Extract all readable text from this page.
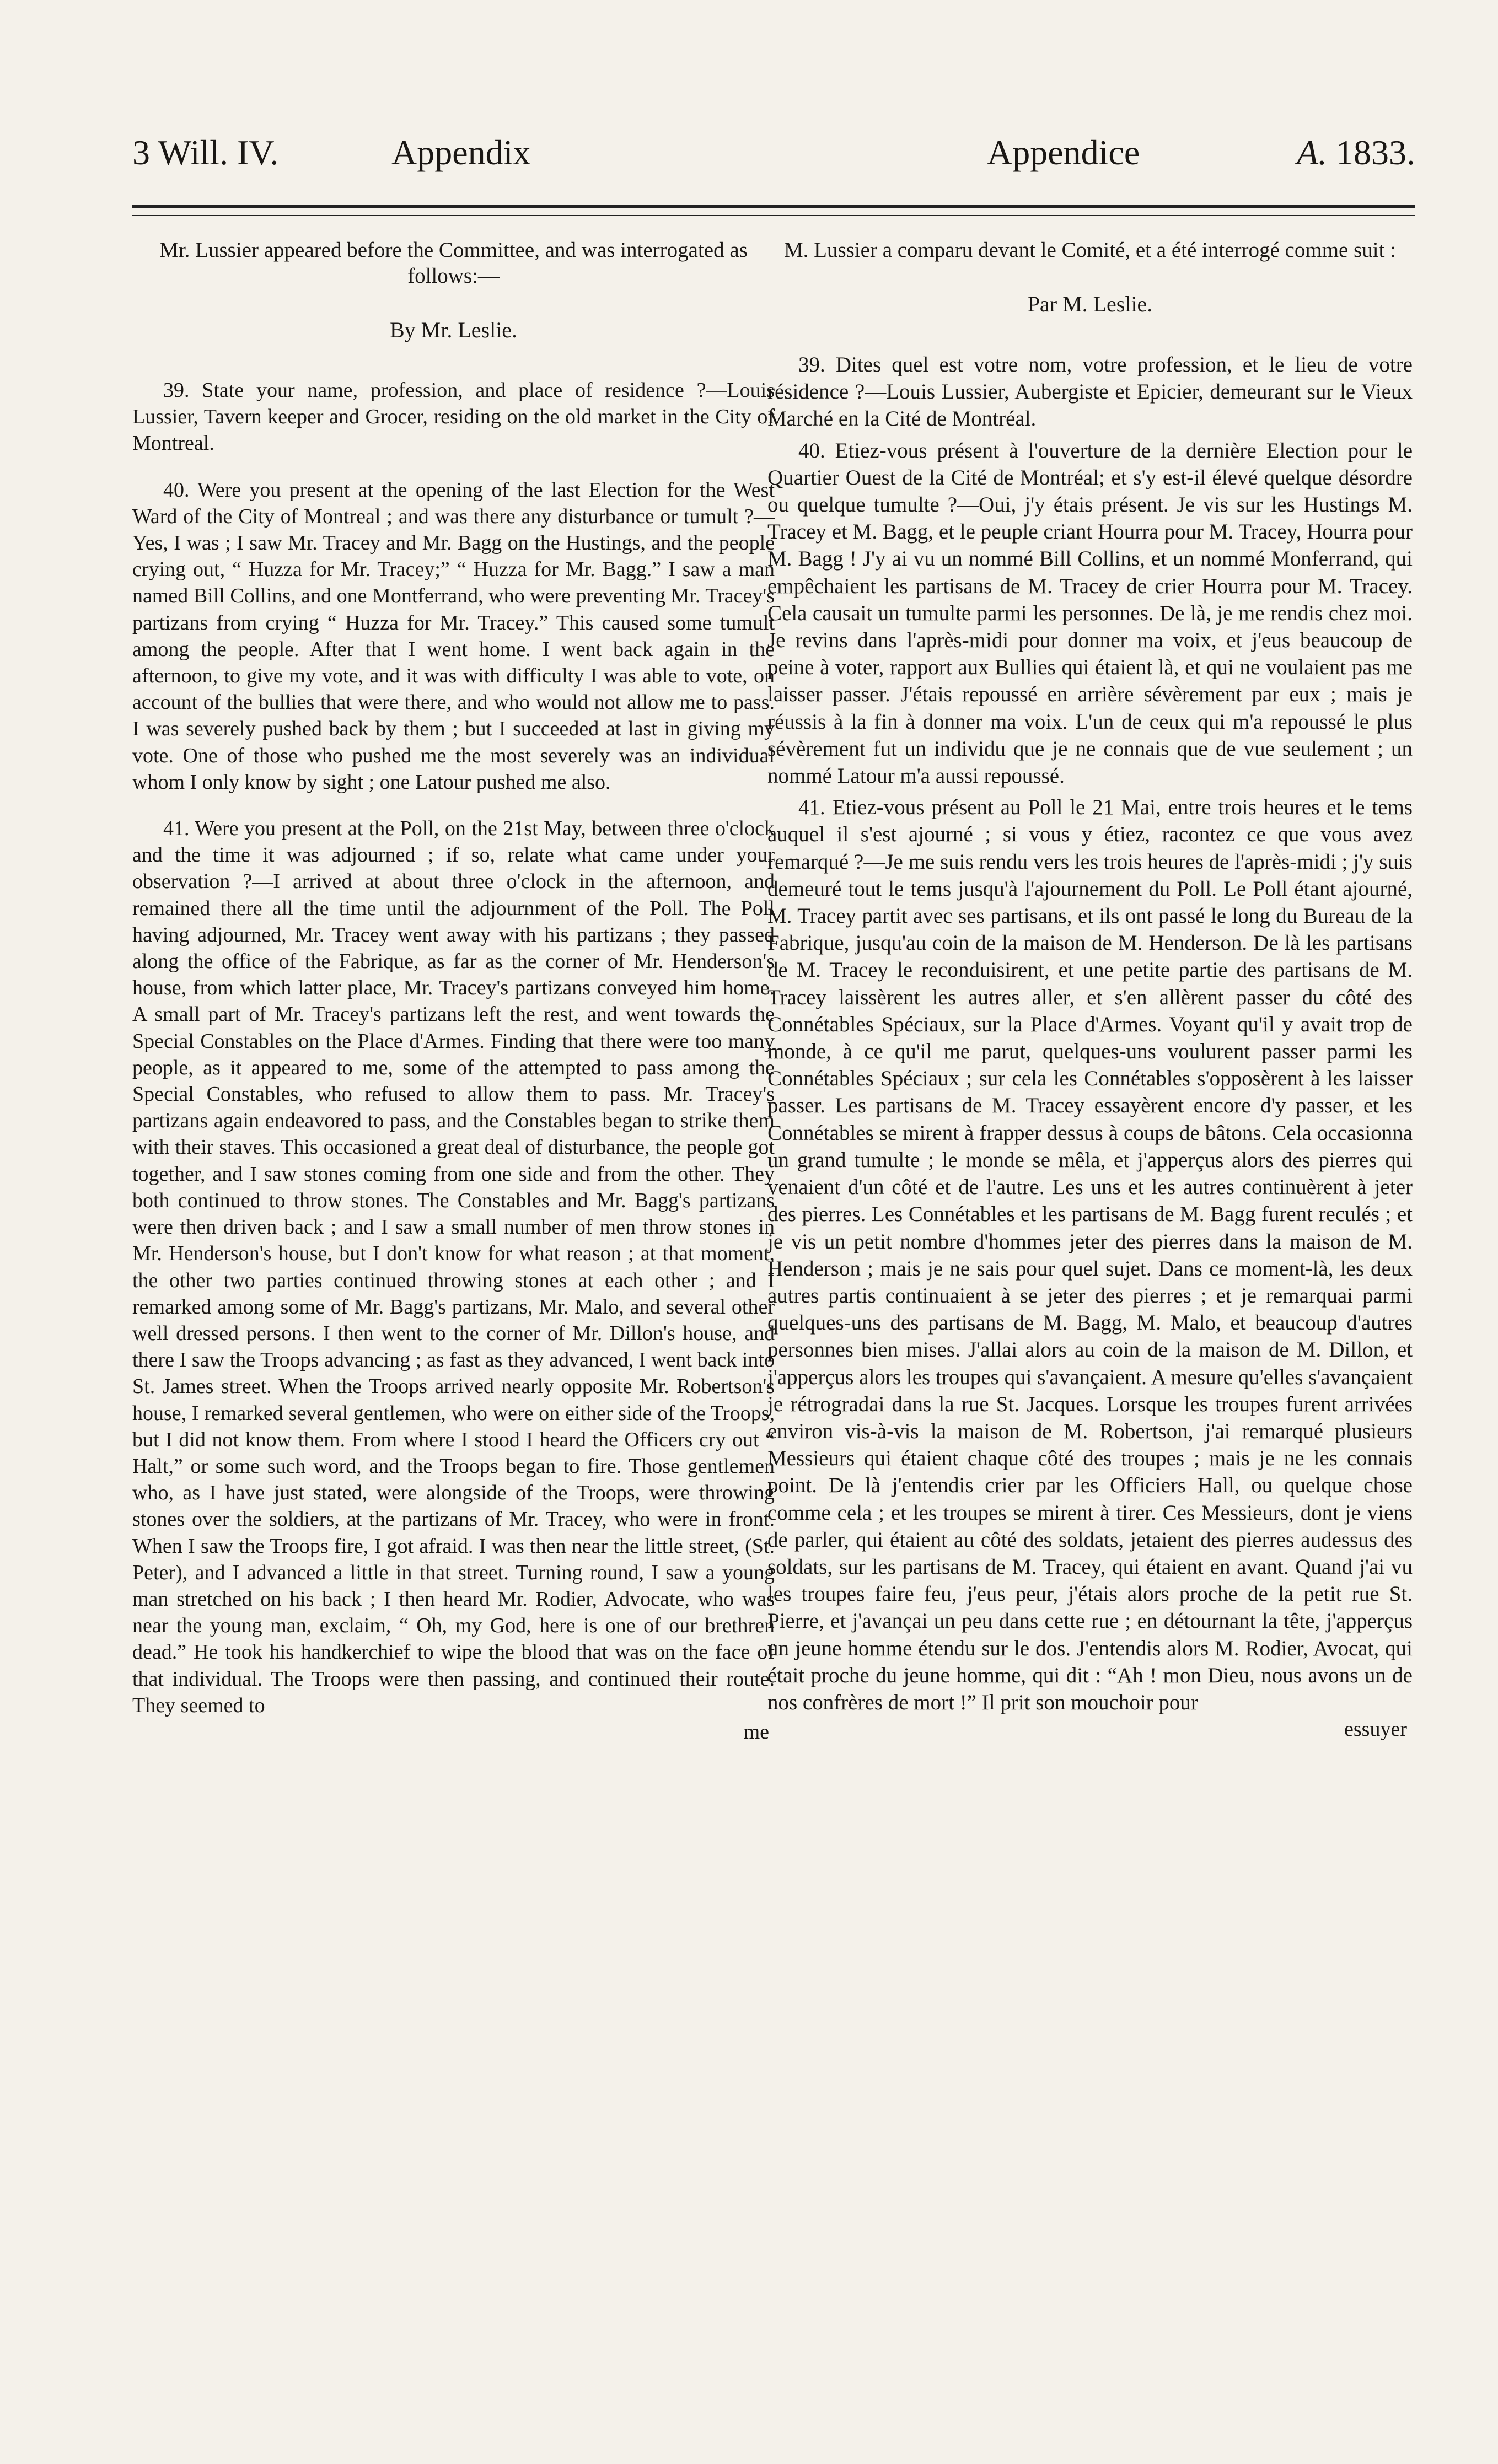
3 Will. IV.	Appendix	Appendice	A. 1833.

Mr. Lussier appeared before the Committee, and was interrogated as follows:—

By Mr. Leslie.

39. State your name, profession, and place of residence ?—Louis Lussier, Tavern keeper and Grocer, residing on the old market in the City of Montreal.

40. Were you present at the opening of the last Election for the West Ward of the City of Montreal ; and was there any disturbance or tumult ?—Yes, I was ; I saw Mr. Tracey and Mr. Bagg on the Hustings, and the people crying out, “ Huzza for Mr. Tracey;” “ Huzza for Mr. Bagg.” I saw a man named Bill Collins, and one Montferrand, who were preventing Mr. Tracey's partizans from crying “ Huzza for Mr. Tracey.” This caused some tumult among the people. After that I went home. I went back again in the afternoon, to give my vote, and it was with difficulty I was able to vote, on account of the bullies that were there, and who would not allow me to pass. I was severely pushed back by them ; but I succeeded at last in giving my vote. One of those who pushed me the most severely was an individual whom I only know by sight ; one Latour pushed me also.

41. Were you present at the Poll, on the 21st May, between three o'clock and the time it was adjourned ; if so, relate what came under your observation ?—I arrived at about three o'clock in the afternoon, and remained there all the time until the adjournment of the Poll. The Poll having adjourned, Mr. Tracey went away with his partizans ; they passed along the office of the Fabrique, as far as the corner of Mr. Henderson's house, from which latter place, Mr. Tracey's partizans conveyed him home. A small part of Mr. Tracey's partizans left the rest, and went towards the Special Constables on the Place d'Armes. Finding that there were too many people, as it appeared to me, some of the attempted to pass among the Special Constables, who refused to allow them to pass. Mr. Tracey's partizans again endeavored to pass, and the Constables began to strike them with their staves. This occasioned a great deal of disturbance, the people got together, and I saw stones coming from one side and from the other. They both continued to throw stones. The Constables and Mr. Bagg's partizans were then driven back ; and I saw a small number of men throw stones in Mr. Henderson's house, but I don't know for what reason ; at that moment, the other two parties continued throwing stones at each other ; and I remarked among some of Mr. Bagg's partizans, Mr. Malo, and several other well dressed persons. I then went to the corner of Mr. Dillon's house, and there I saw the Troops advancing ; as fast as they advanced, I went back into St. James street. When the Troops arrived nearly opposite Mr. Robertson's house, I remarked several gentlemen, who were on either side of the Troops, but I did not know them. From where I stood I heard the Officers cry out “ Halt,” or some such word, and the Troops began to fire. Those gentlemen who, as I have just stated, were alongside of the Troops, were throwing stones over the soldiers, at the partizans of Mr. Tracey, who were in front. When I saw the Troops fire, I got afraid. I was then near the little street, (St. Peter), and I advanced a little in that street. Turning round, I saw a young man stretched on his back ; I then heard Mr. Rodier, Advocate, who was near the young man, exclaim, “ Oh, my God, here is one of our brethren dead.” He took his handkerchief to wipe the blood that was on the face of that individual. The Troops were then passing, and continued their route. They seemed to

me

M. Lussier a comparu devant le Comité, et a été interrogé comme suit :

Par M. Leslie.

39. Dites quel est votre nom, votre profession, et le lieu de votre résidence ?—Louis Lussier, Aubergiste et Epicier, demeurant sur le Vieux Marché en la Cité de Montréal.

40. Etiez-vous présent à l'ouverture de la dernière Election pour le Quartier Ouest de la Cité de Montréal; et s'y est-il élevé quelque désordre ou quelque tumulte ?—Oui, j'y étais présent. Je vis sur les Hustings M. Tracey et M. Bagg, et le peuple criant Hourra pour M. Tracey, Hourra pour M. Bagg ! J'y ai vu un nommé Bill Collins, et un nommé Monferrand, qui empêchaient les partisans de M. Tracey de crier Hourra pour M. Tracey. Cela causait un tumulte parmi les personnes. De là, je me rendis chez moi. Je revins dans l'après-midi pour donner ma voix, et j'eus beaucoup de peine à voter, rapport aux Bullies qui étaient là, et qui ne voulaient pas me laisser passer. J'étais repoussé en arrière sévèrement par eux ; mais je réussis à la fin à donner ma voix. L'un de ceux qui m'a repoussé le plus sévèrement fut un individu que je ne connais que de vue seulement ; un nommé Latour m'a aussi repoussé.

41. Etiez-vous présent au Poll le 21 Mai, entre trois heures et le tems auquel il s'est ajourné ; si vous y étiez, racontez ce que vous avez remarqué ?—Je me suis rendu vers les trois heures de l'après-midi ; j'y suis demeuré tout le tems jusqu'à l'ajournement du Poll. Le Poll étant ajourné, M. Tracey partit avec ses partisans, et ils ont passé le long du Bureau de la Fabrique, jusqu'au coin de la maison de M. Henderson. De là les partisans de M. Tracey le reconduisirent, et une petite partie des partisans de M. Tracey laissèrent les autres aller, et s'en allèrent passer du côté des Connétables Spéciaux, sur la Place d'Armes. Voyant qu'il y avait trop de monde, à ce qu'il me parut, quelques-uns voulurent passer parmi les Connétables Spéciaux ; sur cela les Connétables s'opposèrent à les laisser passer. Les partisans de M. Tracey essayèrent encore d'y passer, et les Connétables se mirent à frapper dessus à coups de bâtons. Cela occasionna un grand tumulte ; le monde se mêla, et j'apperçus alors des pierres qui venaient d'un côté et de l'autre. Les uns et les autres continuèrent à jeter des pierres. Les Connétables et les partisans de M. Bagg furent reculés ; et je vis un petit nombre d'hommes jeter des pierres dans la maison de M. Henderson ; mais je ne sais pour quel sujet. Dans ce moment-là, les deux autres partis continuaient à se jeter des pierres ; et je remarquai parmi quelques-uns des partisans de M. Bagg, M. Malo, et beaucoup d'autres personnes bien mises. J'allai alors au coin de la maison de M. Dillon, et j'apperçus alors les troupes qui s'avançaient. A mesure qu'elles s'avançaient je rétrogradai dans la rue St. Jacques. Lorsque les troupes furent arrivées environ vis-à-vis la maison de M. Robertson, j'ai remarqué plusieurs Messieurs qui étaient chaque côté des troupes ; mais je ne les connais point. De là j'entendis crier par les Officiers Hall, ou quelque chose comme cela ; et les troupes se mirent à tirer. Ces Messieurs, dont je viens de parler, qui étaient au côté des soldats, jetaient des pierres audessus des soldats, sur les partisans de M. Tracey, qui étaient en avant. Quand j'ai vu les troupes faire feu, j'eus peur, j'étais alors proche de la petit rue St. Pierre, et j'avançai un peu dans cette rue ; en détournant la tête, j'apperçus un jeune homme étendu sur le dos. J'entendis alors M. Rodier, Avocat, qui était proche du jeune homme, qui dit : “Ah ! mon Dieu, nous avons un de nos confrères de mort !” Il prit son mouchoir pour

essuyer
